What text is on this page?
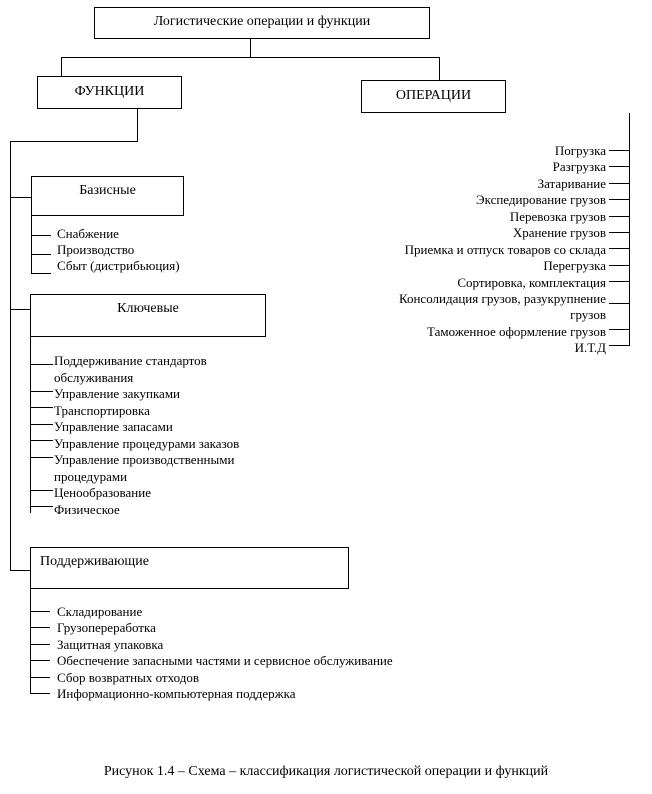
Логистические операции и функции
ФУНКЦИИ	ОПЕРАЦИИ
Базисные
Снабжение
Производство
Сбыт (дистрибьюция)
Ключевые
Поддерживание стандартов
обслуживания
Управление закупками
Транспортировка
Управление запасами
Управление процедурами заказов
Управление производственными
процедурами
Ценообразование
Физическое
Поддерживающие
Складирование
Грузопереработка
Защитная упаковка
Обеспечение запасными частями и сервисное обслуживание
Сбор возвратных отходов
Информационно-компьютерная поддержка
Погрузка
Разгрузка
Затаривание
Экспедирование грузов
Перевозка грузов
Хранение грузов
Приемка и отпуск товаров со склада
Перегрузка
Сортировка, комплектация
Консолидация грузов, разукрупнение
грузов
Таможенное оформление грузов
И.Т.Д
Рисунок 1.4 – Схема – классификация логистической операции и функций
